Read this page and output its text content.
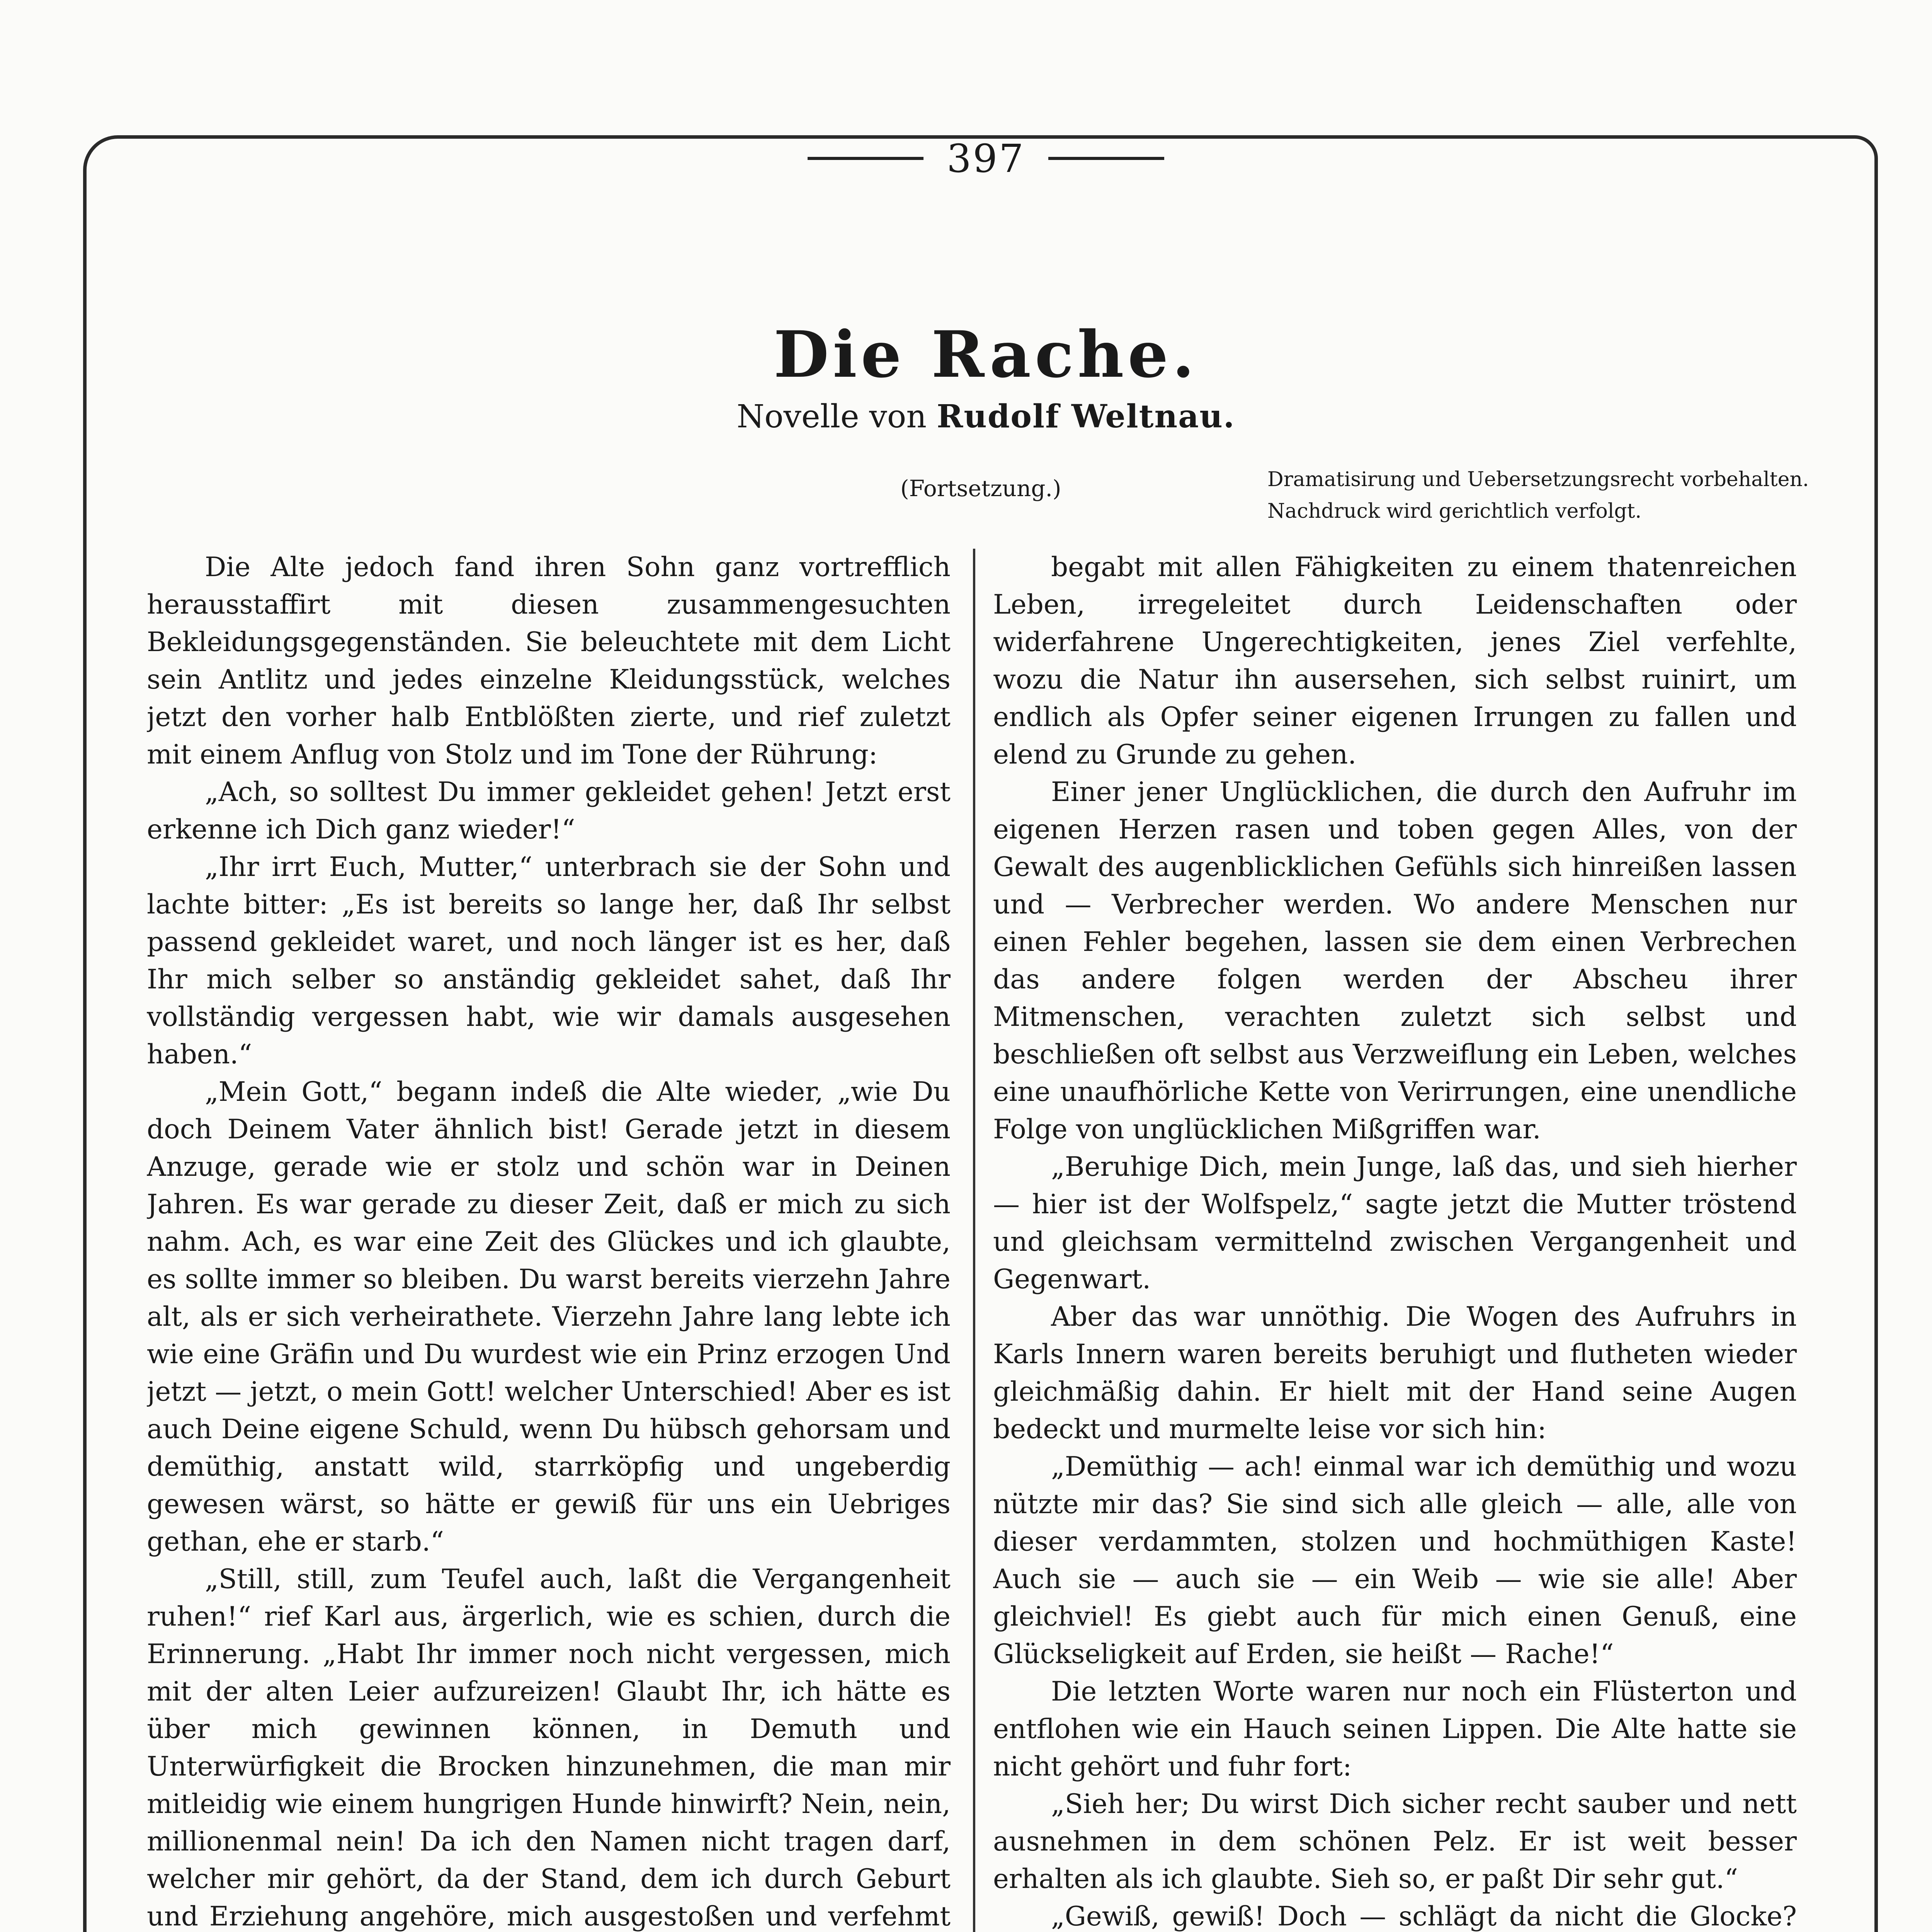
397
Die Rache.
Novelle von Rudolf Weltnau.
(Fortsetzung.)	Dramatisirung und Uebersetzungsrecht vorbehalten.
Nachdruck wird gerichtlich verfolgt.

Die Alte jedoch fand ihren Sohn ganz vortrefflich herausstaffirt mit diesen zusammengesuchten Bekleidungsgegenständen. Sie beleuchtete mit dem Licht sein Antlitz und jedes einzelne Kleidungsstück, welches jetzt den vorher halb Entblößten zierte, und rief zuletzt mit einem Anflug von Stolz und im Tone der Rührung:

„Ach, so solltest Du immer gekleidet gehen! Jetzt erst erkenne ich Dich ganz wieder!“

„Ihr irrt Euch, Mutter,“ unterbrach sie der Sohn und lachte bitter: „Es ist bereits so lange her, daß Ihr selbst passend gekleidet waret, und noch länger ist es her, daß Ihr mich selber so anständig gekleidet sahet, daß Ihr vollständig vergessen habt, wie wir damals ausgesehen haben.“

„Mein Gott,“ begann indeß die Alte wieder, „wie Du doch Deinem Vater ähnlich bist! Gerade jetzt in diesem Anzuge, gerade wie er stolz und schön war in Deinen Jahren. Es war gerade zu dieser Zeit, daß er mich zu sich nahm. Ach, es war eine Zeit des Glückes und ich glaubte, es sollte immer so bleiben. Du warst bereits vierzehn Jahre alt, als er sich verheirathete. Vierzehn Jahre lang lebte ich wie eine Gräfin und Du wurdest wie ein Prinz erzogen Und jetzt — jetzt, o mein Gott! welcher Unterschied! Aber es ist auch Deine eigene Schuld, wenn Du hübsch gehorsam und demüthig, anstatt wild, starrköpfig und ungeberdig gewesen wärst, so hätte er gewiß für uns ein Uebriges gethan, ehe er starb.“

„Still, still, zum Teufel auch, laßt die Vergangenheit ruhen!“ rief Karl aus, ärgerlich, wie es schien, durch die Erinnerung. „Habt Ihr immer noch nicht vergessen, mich mit der alten Leier aufzureizen! Glaubt Ihr, ich hätte es über mich gewinnen können, in Demuth und Unterwürfigkeit die Brocken hinzunehmen, die man mir mitleidig wie einem hungrigen Hunde hinwirft? Nein, nein, millionenmal nein! Da ich den Namen nicht tragen darf, welcher mir gehört, da der Stand, dem ich durch Geburt und Erziehung angehöre, mich ausgestoßen und verfehmt

begabt mit allen Fähigkeiten zu einem thatenreichen Leben, irregeleitet durch Leidenschaften oder widerfahrene Ungerechtigkeiten, jenes Ziel verfehlte, wozu die Natur ihn ausersehen, sich selbst ruinirt, um endlich als Opfer seiner eigenen Irrungen zu fallen und elend zu Grunde zu gehen.

Einer jener Unglücklichen, die durch den Aufruhr im eigenen Herzen rasen und toben gegen Alles, von der Gewalt des augenblicklichen Gefühls sich hinreißen lassen und — Verbrecher werden. Wo andere Menschen nur einen Fehler begehen, lassen sie dem einen Verbrechen das andere folgen werden der Abscheu ihrer Mitmenschen, verachten zuletzt sich selbst und beschließen oft selbst aus Verzweiflung ein Leben, welches eine unaufhörliche Kette von Verirrungen, eine unendliche Folge von unglücklichen Mißgriffen war.

„Beruhige Dich, mein Junge, laß das, und sieh hierher — hier ist der Wolfspelz,“ sagte jetzt die Mutter tröstend und gleichsam vermittelnd zwischen Vergangenheit und Gegenwart.

Aber das war unnöthig. Die Wogen des Aufruhrs in Karls Innern waren bereits beruhigt und flutheten wieder gleichmäßig dahin. Er hielt mit der Hand seine Augen bedeckt und murmelte leise vor sich hin:

„Demüthig — ach! einmal war ich demüthig und wozu nützte mir das? Sie sind sich alle gleich — alle, alle von dieser verdammten, stolzen und hochmüthigen Kaste! Auch sie — auch sie — ein Weib — wie sie alle! Aber gleichviel! Es giebt auch für mich einen Genuß, eine Glückseligkeit auf Erden, sie heißt — Rache!“

Die letzten Worte waren nur noch ein Flüsterton und entflohen wie ein Hauch seinen Lippen. Die Alte hatte sie nicht gehört und fuhr fort:

„Sieh her; Du wirst Dich sicher recht sauber und nett ausnehmen in dem schönen Pelz. Er ist weit besser erhalten als ich glaubte. Sieh so, er paßt Dir sehr gut.“

„Gewiß, gewiß! Doch — schlägt da nicht die Glocke?
